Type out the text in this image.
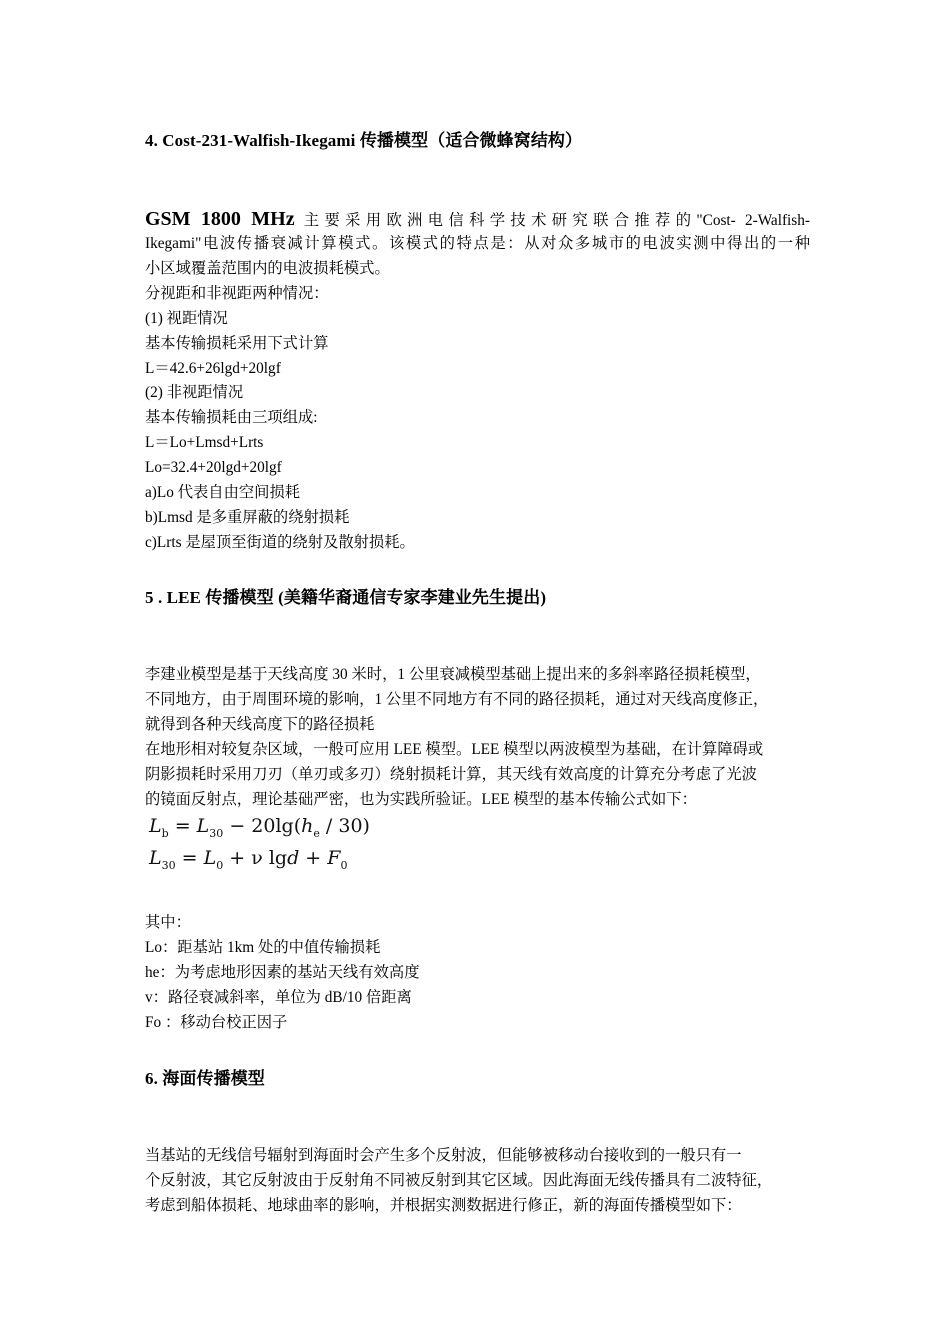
4. Cost-231-Walfish-Ikegami 传播模型（适合微蜂窝结构）
GSM 1800 MHz 主要采用欧洲电信科学技术研究联合推荐的"Cost- 2-Walfish-
Ikegami"电波传播衰减计算模式。该模式的特点是：从对众多城市的电波实测中得出的一种
小区域覆盖范围内的电波损耗模式。
分视距和非视距两种情况：
(1) 视距情况
基本传输损耗采用下式计算
L＝42.6+26lgd+20lgf
(2) 非视距情况
基本传输损耗由三项组成:
L＝Lo+Lmsd+Lrts
Lo=32.4+20lgd+20lgf
a)Lo 代表自由空间损耗
b)Lmsd 是多重屏蔽的绕射损耗
c)Lrts 是屋顶至街道的绕射及散射损耗。
5 . LEE 传播模型 (美籍华裔通信专家李建业先生提出)
李建业模型是基于天线高度 30 米时，1 公里衰减模型基础上提出来的多斜率路径损耗模型，
不同地方，由于周围环境的影响，1 公里不同地方有不同的路径损耗，通过对天线高度修正，
就得到各种天线高度下的路径损耗
在地形相对较复杂区域，一般可应用 LEE 模型。LEE 模型以两波模型为基础，在计算障碍或
阴影损耗时采用刀刃（单刃或多刃）绕射损耗计算，其天线有效高度的计算充分考虑了光波
的镜面反射点，理论基础严密，也为实践所验证。LEE 模型的基本传输公式如下：
$L_b = L_{30} - 20\lg(h_e / 30)$
$L_{30} = L_0 + \nu$ $\lg d + F_0$
其中：
Lo：距基站 1km 处的中值传输损耗
he：为考虑地形因素的基站天线有效高度
v：路径衰减斜率，单位为 dB/10 倍距离
Fo ：移动台校正因子
6. 海面传播模型
当基站的无线信号辐射到海面时会产生多个反射波，但能够被移动台接收到的一般只有一
个反射波，其它反射波由于反射角不同被反射到其它区域。因此海面无线传播具有二波特征，
考虑到船体损耗、地球曲率的影响，并根据实测数据进行修正，新的海面传播模型如下：
